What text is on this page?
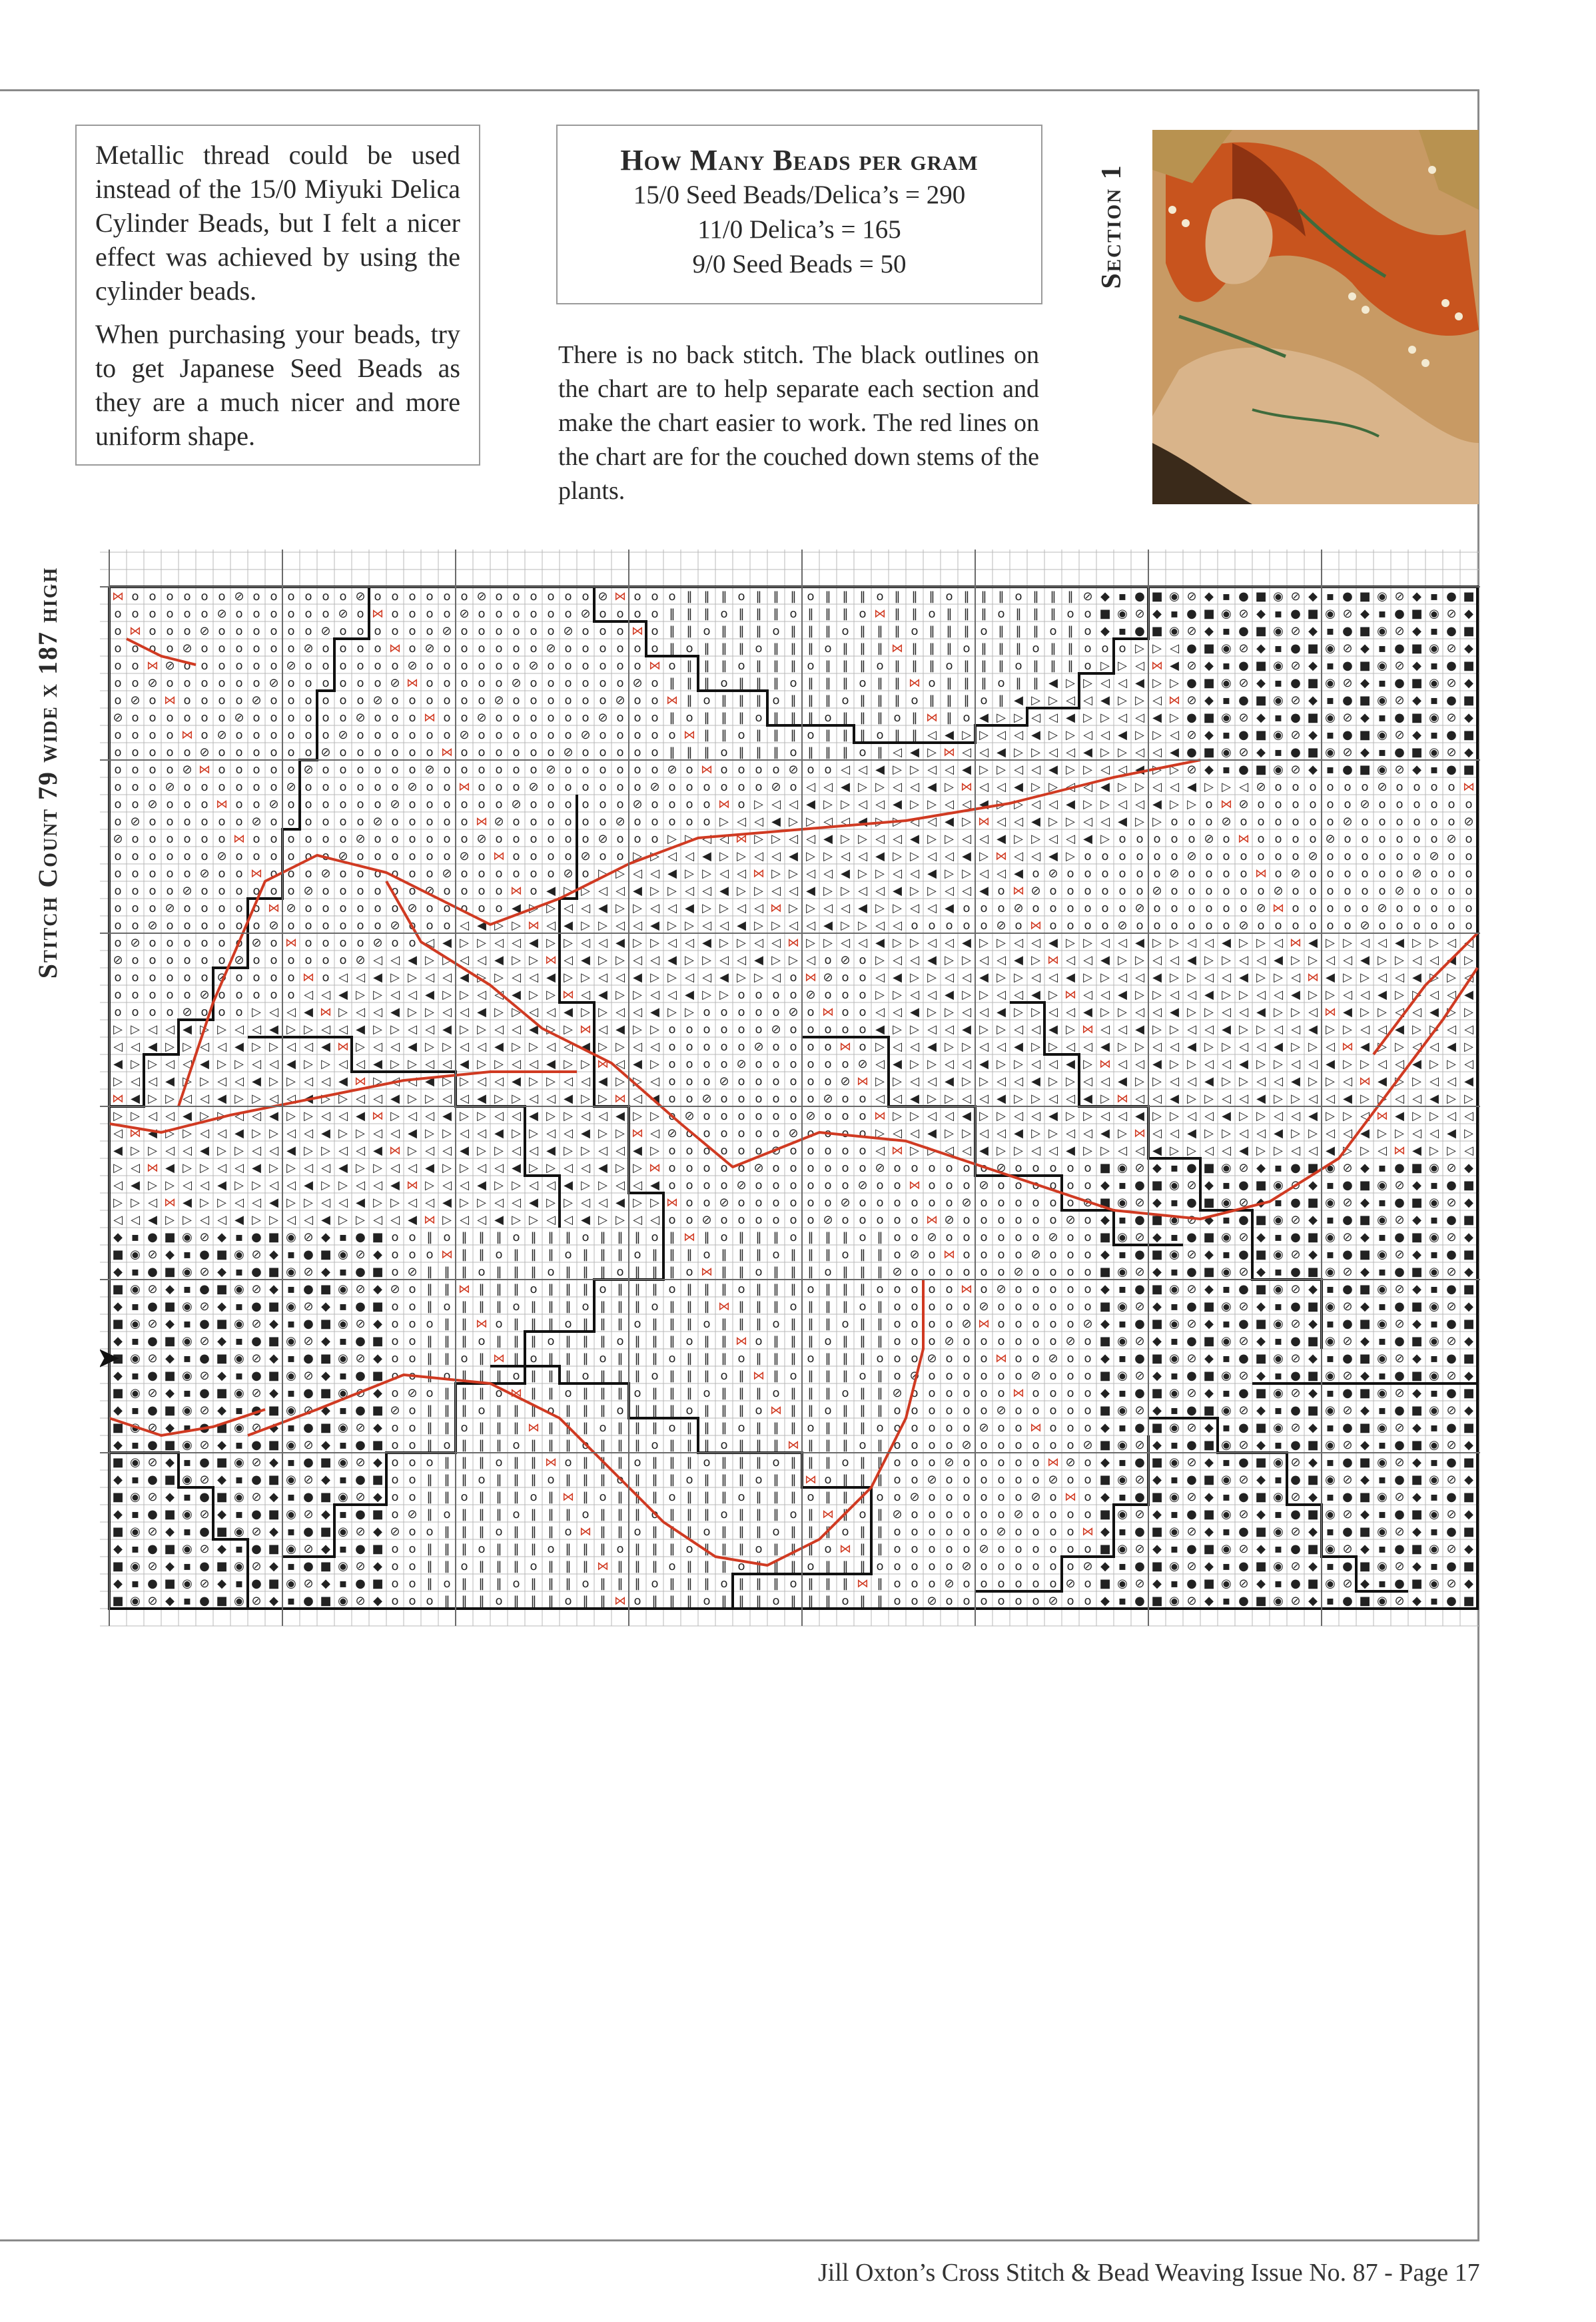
Metallic thread could be used instead of the 15/0 Miyuki Delica Cylinder Beads, but I felt a nicer effect was achieved by using the cylinder beads.

When purchasing your beads, try to get Japanese Seed Beads as they are a much nicer and more uniform shape.

How Many Beads per gram
15/0 Seed Beads/Delica’s = 290
11/0 Delica’s = 165
9/0 Seed Beads = 50
There is no back stitch. The black outlines on the chart are to help separate each section and make the chart easier to work. The red lines on the chart are for the couched down stems of the plants.
Section 1
Stitch Count 79 wide x 187 high	⋈ o o o o o o ⊘ o o o o o o ⊘ o o o o o o ⊘ o o o o o o ⊘ ⋈ o o o ‖ ‖ ‖ o ‖ ‖ ‖ o ‖ ‖ ‖ o ‖ ‖ ‖ o ‖ ‖ ‖ o ‖ ‖ ‖ ⊘ ◆ ▪ ● ■ ◉ ⊘ ◆ ▪ ● ■ ◉ ⊘ ◆ ▪ ● ■ ◉ ⊘ ◆ ▪ ● ■
o o o o o o ⊘ o o o o o o ⊘ o ⋈ o o o o ⊘ o o o o o o ⊘ o o o o ‖ ‖ ‖ o ‖ ‖ ‖ o ‖ ‖ ‖ o ⋈ ‖ ‖ o ‖ ‖ ‖ o ‖ ‖ ‖ o o ■ ◉ ⊘ ◆ ▪ ● ■ ◉ ⊘ ◆ ▪ ● ■ ◉ ⊘ ◆ ▪ ● ■ ◉ ⊘ ◆
o ⋈ o o o ⊘ o o o o o o ⊘ o o o o o o ⊘ o o o o o o ⊘ o o o ⋈ o ‖ ‖ o ‖ ‖ ‖ o ‖ ‖ ‖ o ‖ ‖ ‖ o ‖ ‖ ‖ o ‖ ‖ ‖ o ‖ o ◆ ▪ ● ■ ◉ ⊘ ◆ ▪ ● ■ ◉ ⊘ ◆ ▪ ● ■ ◉ ⊘ ◆ ▪ ● ■
o o o o ⊘ o o o o o o ⊘ o o o o ⋈ o ⊘ o o o o o o ⊘ o o o o o o ‖ o ‖ ‖ ‖ o ‖ ‖ ‖ o ‖ ‖ ‖ ⋈ ‖ ‖ ‖ o ‖ ‖ ‖ o ‖ ‖ o o o ▷ ▷ ◁ ● ■ ◉ ⊘ ◆ ▪ ● ■ ◉ ⊘ ◆ ▪ ● ■ ◉ ⊘ ◆
o o ⋈ ⊘ o o o o o o ⊘ o o o o o o ⊘ o o o o o o ⊘ o o o o o o ⋈ o ‖ ‖ ‖ o ‖ ‖ ‖ o ‖ ‖ ‖ o ‖ ‖ ‖ o ‖ ‖ ‖ o ‖ ‖ ‖ o ▷ ▷ ◁ ⋈ ◀ ⊘ ◆ ▪ ● ■ ◉ ⊘ ◆ ▪ ● ■ ◉ ⊘ ◆ ▪ ● ■
o o ⊘ o o o o o o ⊘ o o o o o o ⊘ ⋈ o o o o o ⊘ o o o o o o ⊘ o ‖ ‖ ‖ o ‖ ‖ ‖ o ‖ ‖ ‖ o ‖ ‖ ⋈ o ‖ ‖ ‖ o ‖ ‖ ◀ ▷ ▷ ◁ ◁ ◀ ▷ ▷ ● ■ ◉ ⊘ ◆ ▪ ● ■ ◉ ⊘ ◆ ▪ ● ■ ◉ ⊘ ◆
o ⊘ o ⋈ o o o o ⊘ o o o o o o ⊘ o o o o o o ⊘ o o o o o o ⊘ o o ⋈ ‖ o ‖ ‖ ‖ o ‖ ‖ ‖ o ‖ ‖ ‖ o ‖ ‖ ‖ o ‖ ◀ ▷ ▷ ◁ ◁ ◀ ▷ ▷ ◁ ⋈ ⊘ ◆ ▪ ● ■ ◉ ⊘ ◆ ▪ ● ■ ◉ ⊘ ◆ ▪ ● ■
⊘ o o o o o o ⊘ o o o o o o ⊘ o o o ⋈ o o ⊘ o o o o o o ⊘ o o o ‖ o ‖ ‖ ‖ o ‖ ‖ ‖ o ‖ ‖ ‖ o ‖ ⋈ ‖ o ◀ ▷ ▷ ◁ ◁ ◀ ▷ ▷ ◁ ◁ ◀ ▷ ● ■ ◉ ⊘ ◆ ▪ ● ■ ◉ ⊘ ◆ ▪ ● ■ ◉ ⊘ ◆
o o o o ⋈ o ⊘ o o o o o o ⊘ o o o o o o ⊘ o o o o o o ⊘ o o o o o ⋈ ‖ ‖ o ‖ ‖ ‖ o ‖ ‖ ‖ o ‖ ‖ ◁ ◀ ▷ ▷ ◁ ◁ ◀ ▷ ▷ ◁ ◁ ◀ ▷ ▷ ◁ ⊘ ◆ ▪ ● ■ ◉ ⊘ ◆ ▪ ● ■ ◉ ⊘ ◆ ▪ ● ■
o o o o o ⊘ o o o o o o ⊘ o o o o o o ⋈ o o o o o o ⊘ o o o o o ‖ ‖ ‖ o ‖ ‖ ‖ o ‖ ‖ ‖ o ‖ ◁ ◀ ▷ ⋈ ◁ ◁ ◀ ▷ ▷ ◁ ◁ ◀ ▷ ▷ ◁ ◁ ◀ ● ■ ◉ ⊘ ◆ ▪ ● ■ ◉ ⊘ ◆ ▪ ● ■ ◉ ⊘ ◆
o o o o ⊘ ⋈ o o o o o ⊘ o o o o o o ⊘ o o o o o o ⊘ o o o o o o ⊘ o ⋈ o o o o ⊘ o o ◁ ◁ ◀ ▷ ▷ ◁ ◁ ◀ ▷ ▷ ◁ ◁ ◀ ▷ ▷ ◁ ◁ ◀ ▷ ▷ ⊘ ◆ ▪ ● ■ ◉ ⊘ ◆ ▪ ● ■ ◉ ⊘ ◆ ▪ ● ■
o o o ⊘ o o o o o o ⊘ o o o o o o ⊘ o o ⋈ o o o ⊘ o o o o o o ⊘ o o o o o o ⊘ o ◁ ◁ ◀ ▷ ▷ ◁ ◁ ◀ ▷ ⋈ ◁ ◁ ◀ ▷ ▷ ◁ ◁ ◀ ▷ ▷ ◁ ◁ ◀ ▷ ▷ ◁ ⊘ o o o o o o ⊘ o o o o ⋈
o o ⊘ o o o ⋈ o o ⊘ o o o o o o ⊘ o o o o o o ⊘ o o o o o o ⊘ o o o o ⋈ o ▷ ◁ ◁ ◀ ▷ ▷ ◁ ◁ ◀ ▷ ▷ ◁ ◁ ◀ ▷ ▷ ◁ ◁ ◀ ▷ ▷ ◁ ◁ ◀ ▷ ▷ o ⋈ ⊘ o o o o o o ⊘ o o o o o o
o ⊘ o o o o o o ⊘ o o o o o o ⊘ o o o o o ⋈ ⊘ o o o o o o ⊘ o o o o o ▷ ◁ ◁ ◀ ▷ ▷ ◁ ◁ ◀ ▷ ▷ ◁ ◁ ◀ ▷ ⋈ ◁ ◁ ◀ ▷ ▷ ◁ ◁ ◀ ▷ ▷ o o o ⊘ o o o o o o ⊘ o o o o o o ⊘
⊘ o o o o o o ⋈ o o o o o o ⊘ o o o o o o ⊘ o o o o o o ⊘ o o o ▷ ▷ ◁ ◁ ⋈ ▷ ▷ ◁ ◁ ◀ ▷ ▷ ◁ ◁ ◀ ▷ ▷ ◁ ◁ ◀ ▷ ▷ ◁ ◁ ◀ ▷ o o o o o ⊘ o ⋈ o o o o ⊘ o o o o o o ⊘ o
o o o o o o ⊘ o o o o o o ⊘ o o o o o o ⊘ o ⋈ o o o o ⊘ o o ▷ ▷ ◁ ◁ ◀ ▷ ▷ ◁ ◁ ◀ ▷ ▷ ◁ ◁ ◀ ▷ ▷ ◁ ◁ ◀ ▷ ⋈ ◁ ◁ ◀ ▷ o o o o o o ⊘ o o o o o o ⊘ o o o o o o ⊘ o o
o o o o o ⊘ o o ⋈ o o o ⊘ o o o o o o ⊘ o o o o o o ⊘ o ▷ ▷ ◁ ◁ ◀ ▷ ▷ ◁ ◁ ⋈ ▷ ▷ ◁ ◁ ◀ ▷ ▷ ◁ ◁ ◀ ▷ ▷ ◁ ◁ ◀ o ⊘ o o o o o o ⊘ o o o o ⋈ o ⊘ o o o o o o ⊘ o o o
o o o o ⊘ o o o o o o ⊘ o o o o o o ⊘ o o o o ⋈ o ◀ ▷ ▷ ◁ ◁ ◀ ▷ ▷ ◁ ◁ ◀ ▷ ▷ ◁ ◁ ◀ ▷ ▷ ◁ ◁ ◀ ▷ ▷ ◁ ◁ ◀ o ⋈ ⊘ o o o o o o ⊘ o o o o o o ⊘ o o o o o o ⊘ o o o o
o o o ⊘ o o o o o ⋈ ⊘ o o o o o o ⊘ o o o o o ◀ ▷ ▷ ◁ ◁ ◀ ▷ ▷ ◁ ◁ ◀ ▷ ▷ ◁ ◁ ⋈ ▷ ▷ ◁ ◁ ◀ ▷ ▷ ◁ ◁ ◀ o o o ⊘ o o o o o o ⊘ o o o o o o ⊘ ⋈ o o o o o ⊘ o o o o o
o o ⊘ o o o o o o ⊘ o o o o o o ⊘ o o o ◁ ◀ ▷ ▷ ⋈ ◁ ◀ ▷ ▷ ◁ ◁ ◀ ▷ ▷ ◁ ◁ ◀ ▷ ▷ ◁ ◁ ◀ ▷ ▷ ◁ ◁ o o o o o ⊘ o ⋈ o o o o ⊘ o o o o o o ⊘ o o o o o o ⊘ o o o o o o
o ⊘ o o o o o o ⊘ o ⋈ o o o o ⊘ o o ◁ ◀ ▷ ▷ ◁ ◁ ◀ ▷ ▷ ◁ ◁ ◀ ▷ ▷ ◁ ◁ ◀ ▷ ▷ ◁ ◁ ⋈ ▷ ▷ ◁ ◁ ◀ ▷ ▷ ◁ ◁ ◀ ▷ ▷ ◁ ◁ ◀ ▷ ▷ ◁ ◁ ◀ ▷ ▷ ◁ ◁ ◀ ▷ ▷ ◁ ⋈ ◀ ▷ ▷ ◁ ◁ ◀ ▷ ▷ ◁ ◁
⊘ o o o o o o ⊘ o o o o o o ⊘ ◁ ◁ ◀ ▷ ▷ ◁ ◁ ◀ ▷ ▷ ⋈ ◁ ◀ ▷ ▷ ◁ ◁ ◀ ▷ ▷ ◁ ◁ ◀ ▷ ▷ ◁ o ⊘ o ▷ ◁ ◁ ◀ ▷ ▷ ◁ ◁ ◀ ▷ ⋈ ◁ ◁ ◀ ▷ ▷ ◁ ◁ ◀ ▷ ▷ ◁ ◁ ◀ ▷ ▷ ◁ ◁ ◀ ▷ ▷ ◁ ◁ ◀ ▷
o o o o o o ⊘ o o o o ⋈ o ◁ ◁ ◀ ▷ ▷ ◁ ◁ ◀ ▷ ▷ ◁ ◁ ◀ ▷ ▷ ◁ ◁ ◀ ▷ ▷ ◁ ◁ ◀ ▷ ▷ ◁ o ⋈ ⊘ o o ◁ ◀ ▷ ▷ ◁ ◁ ◀ ▷ ▷ ◁ ◁ ◀ ▷ ▷ ◁ ◁ ◀ ▷ ▷ ◁ ◁ ◀ ▷ ▷ ◁ ⋈ ◀ ▷ ▷ ◁ ◁ ◀ ▷ ▷ ◁
o o o o o ⊘ o o o o o ◁ ◁ ◀ ▷ ▷ ◁ ◁ ◀ ▷ ▷ ◁ ◁ ◀ ▷ ▷ ⋈ ◁ ◀ ▷ ▷ ◁ ◁ ◀ ▷ ▷ o o o o ⊘ o o o ▷ ▷ ◁ ◁ ◀ ▷ ▷ ◁ ◁ ◀ ▷ ⋈ ◁ ◁ ◀ ▷ ▷ ◁ ◁ ◀ ▷ ▷ ◁ ◁ ◀ ▷ ▷ ◁ ◁ ◀ ▷ ▷ ◁ ◁ ◀
o o o o ⊘ o o o ▷ ◁ ◁ ◀ ⋈ ▷ ◁ ◁ ◀ ▷ ▷ ◁ ◁ ◀ ▷ ▷ ◁ ◁ ◀ ▷ ▷ ◁ ◁ ◀ ▷ ▷ o o o o o ⊘ o ⋈ o o ◁ ◁ ◀ ▷ ▷ ◁ ◁ ◀ ▷ ▷ ◁ ◁ ◀ ▷ ▷ ◁ ◁ ◀ ▷ ▷ ◁ ◁ ◀ ▷ ▷ ◁ ⋈ ◀ ▷ ▷ ◁ ◁ ◀ ▷ ▷
▷ ▷ ◁ ◁ ◀ ▷ ▷ ◁ ◁ ◀ ▷ ▷ ◁ ◁ ◀ ▷ ▷ ◁ ◁ ◀ ▷ ▷ ◁ ◁ ◀ ▷ ▷ ⋈ ◁ ◀ ▷ ▷ o o o o o o ⊘ o o o o o ◀ ▷ ▷ ◁ ◁ ◀ ▷ ▷ ◁ ◁ ◀ ▷ ⋈ ◁ ◁ ◀ ▷ ▷ ◁ ◁ ◀ ▷ ▷ ◁ ◁ ◀ ▷ ▷ ◁ ◁ ◀ ▷ ▷ ◁ ◁
◁ ◁ ◀ ▷ ▷ ◁ ◁ ◀ ▷ ▷ ◁ ◁ ◀ ⋈ ▷ ◁ ◁ ◀ ▷ ▷ ◁ ◁ ◀ ▷ ▷ ◁ ◁ ◀ ▷ ▷ ◁ ◁ o o o o o ⊘ o o o o ⋈ o ▷ ◁ ◁ ◀ ▷ ▷ ◁ ◁ ◀ ▷ ▷ ◁ ◁ ◀ ▷ ▷ ◁ ◁ ◀ ▷ ▷ ◁ ◁ ◀ ▷ ▷ ◁ ⋈ ◀ ▷ ▷ ◁ ◁ ◀ ▷
◀ ▷ ▷ ◁ ◁ ◀ ▷ ▷ ◁ ◁ ◀ ▷ ▷ ◁ ◁ ◀ ▷ ▷ ◁ ◁ ◀ ▷ ▷ ◁ ◁ ◀ ▷ ▷ ⋈ ◁ ◀ ▷ o o o o ⊘ o o o o o o ⊘ ◁ ◀ ▷ ▷ ◁ ◁ ◀ ▷ ▷ ◁ ◁ ◀ ▷ ⋈ ◁ ◁ ◀ ▷ ▷ ◁ ◁ ◀ ▷ ▷ ◁ ◁ ◀ ▷ ▷ ◁ ◁ ◀ ▷ ▷ ◁
▷ ◁ ◁ ◀ ▷ ▷ ◁ ◁ ◀ ▷ ▷ ◁ ◁ ◀ ⋈ ▷ ◁ ◁ ◀ ▷ ▷ ◁ ◁ ◀ ▷ ▷ ◁ ◁ ◀ ▷ ▷ ◁ o o o ⊘ o o o o o o ⊘ ⋈ ▷ ▷ ◁ ◁ ◀ ▷ ▷ ◁ ◁ ◀ ▷ ▷ ◁ ◁ ◀ ▷ ▷ ◁ ◁ ◀ ▷ ▷ ◁ ◁ ◀ ▷ ▷ ◁ ⋈ ◀ ▷ ▷ ◁ ◁ ◀
⋈ ◀ ▷ ▷ ◁ ◁ ◀ ▷ ▷ ◁ ◁ ◀ ▷ ▷ ◁ ◁ ◀ ▷ ▷ ◁ ◁ ◀ ▷ ▷ ◁ ◁ ◀ ▷ ▷ ⋈ ◁ ◀ o o ⊘ o o o o o o ⊘ o o ◁ ◁ ◀ ▷ ▷ ◁ ◁ ◀ ▷ ▷ ◁ ◁ ◀ ▷ ⋈ ◁ ◁ ◀ ▷ ▷ ◁ ◁ ◀ ▷ ▷ ◁ ◁ ◀ ▷ ▷ ◁ ◁ ◀ ▷ ▷
▷ ▷ ◁ ◁ ◀ ▷ ▷ ◁ ◁ ◀ ▷ ▷ ◁ ◁ ◀ ⋈ ▷ ◁ ◁ ◀ ▷ ▷ ◁ ◁ ◀ ▷ ▷ ◁ ◁ ◀ ▷ ▷ o ⊘ o o o o o o ⊘ o o o ⋈ ▷ ▷ ◁ ◁ ◀ ▷ ▷ ◁ ◁ ◀ ▷ ▷ ◁ ◁ ◀ ▷ ▷ ◁ ◁ ◀ ▷ ▷ ◁ ◁ ◀ ▷ ▷ ◁ ⋈ ◀ ▷ ▷ ◁ ◁
◁ ⋈ ◀ ▷ ▷ ◁ ◁ ◀ ▷ ▷ ◁ ◁ ◀ ▷ ▷ ◁ ◁ ◀ ▷ ▷ ◁ ◁ ◀ ▷ ▷ ◁ ◁ ◀ ▷ ▷ ⋈ ◁ ⊘ o o o o o o ⊘ o o o o ▷ ◁ ◁ ◀ ▷ ▷ ◁ ◁ ◀ ▷ ▷ ◁ ◁ ◀ ▷ ⋈ ◁ ◁ ◀ ▷ ▷ ◁ ◁ ◀ ▷ ▷ ◁ ◁ ◀ ▷ ▷ ◁ ◁ ◀ ▷
◀ ▷ ▷ ◁ ◁ ◀ ▷ ▷ ◁ ◁ ◀ ▷ ▷ ◁ ◁ ◀ ⋈ ▷ ◁ ◁ ◀ ▷ ▷ ◁ ◁ ◀ ▷ ▷ ◁ ◁ ◀ ▷ o o o o o o ⊘ o o o o o ◁ ⋈ ▷ ▷ ◁ ◁ ◀ ▷ ▷ ◁ ◁ ◀ ▷ ▷ ◁ ◁ ◀ ▷ ▷ ◁ ◁ ◀ ▷ ▷ ◁ ◁ ◀ ▷ ▷ ◁ ⋈ ◀ ▷ ▷ ◁
▷ ◁ ⋈ ◀ ▷ ▷ ◁ ◁ ◀ ▷ ▷ ◁ ◁ ◀ ▷ ▷ ◁ ◁ ◀ ▷ ▷ ◁ ◁ ◀ ▷ ▷ ◁ ◁ ◀ ▷ ▷ ⋈ o o o o o ⊘ o o o o o o ⊘ o o o o o o ⊘ o o o o o ■ ◉ ⊘ ◆ ▪ ● ■ ◉ ⊘ ◆ ▪ ● ■ ◉ ⊘ ◆ ▪ ● ■ ◉ ⊘ ◆
◁ ◀ ▷ ▷ ◁ ◁ ◀ ▷ ▷ ◁ ◁ ◀ ▷ ▷ ◁ ◁ ◀ ⋈ ▷ ◁ ◁ ◀ ▷ ▷ ◁ ◁ ◀ ▷ ▷ ◁ ◁ ◀ o o o o ⊘ o o o o o o ⊘ o o ⋈ o o o ⊘ o o o o o o ◆ ▪ ● ■ ◉ ⊘ ◆ ▪ ● ■ ◉ ⊘ ◆ ▪ ● ■ ◉ ⊘ ◆ ▪ ● ■
▷ ▷ ◁ ⋈ ◀ ▷ ▷ ◁ ◁ ◀ ▷ ▷ ◁ ◁ ◀ ▷ ▷ ◁ ◁ ◀ ▷ ▷ ◁ ◁ ◀ ▷ ▷ ◁ ◁ ◀ ▷ ▷ ⋈ o o ⊘ o o o o o o ⊘ o o o o o o ⊘ o o o o o o ⊘ ■ ◉ ⊘ ◆ ▪ ● ■ ◉ ⊘ ◆ ▪ ● ■ ◉ ⊘ ◆ ▪ ● ■ ◉ ⊘ ◆
◁ ◁ ◀ ▷ ▷ ◁ ◁ ◀ ▷ ▷ ◁ ◁ ◀ ▷ ▷ ◁ ◁ ◀ ⋈ ▷ ◁ ◁ ◀ ▷ ▷ ◁ ◁ ◀ ▷ ▷ ◁ ◁ o o ⊘ o o o o o o ⊘ o o o o o ⋈ ⊘ o o o o o o ⊘ o ◆ ▪ ● ■ ◉ ⊘ ◆ ▪ ● ■ ◉ ⊘ ◆ ▪ ● ■ ◉ ⊘ ◆ ▪ ● ■
◆ ▪ ● ■ ◉ ⊘ ◆ ▪ ● ■ ◉ ⊘ ◆ ▪ ● ■ o o ‖ o ‖ ‖ ‖ o ‖ ‖ ‖ o ‖ ‖ ‖ o ‖ ⋈ ‖ o ‖ ‖ ‖ o ‖ ‖ ‖ o ‖ o o ⊘ o o o o o o ⊘ o o ■ ◉ ⊘ ◆ ▪ ● ■ ◉ ⊘ ◆ ▪ ● ■ ◉ ⊘ ◆ ▪ ● ■ ◉ ⊘ ◆
■ ◉ ⊘ ◆ ▪ ● ■ ◉ ⊘ ◆ ▪ ● ■ ◉ ⊘ ◆ o o o ⋈ ‖ ‖ o ‖ ‖ ‖ o ‖ ‖ ‖ o ‖ ‖ ‖ o ‖ ‖ ‖ o ‖ ‖ ‖ o ‖ ‖ o ⊘ o ⋈ o o o o ⊘ o o o ◆ ▪ ● ■ ◉ ⊘ ◆ ▪ ● ■ ◉ ⊘ ◆ ▪ ● ■ ◉ ⊘ ◆ ▪ ● ■
◆ ▪ ● ■ ◉ ⊘ ◆ ▪ ● ■ ◉ ⊘ ◆ ▪ ● ■ o ⊘ ‖ ‖ ‖ o ‖ ‖ ‖ o ‖ ‖ ‖ o ‖ ‖ ‖ o ⋈ ‖ ‖ o ‖ ‖ ‖ o ‖ ‖ ‖ ⊘ o o o o o o ⊘ o o o o ■ ◉ ⊘ ◆ ▪ ● ■ ◉ ⊘ ◆ ▪ ● ■ ◉ ⊘ ◆ ▪ ● ■ ◉ ⊘ ◆
■ ◉ ⊘ ◆ ▪ ● ■ ◉ ⊘ ◆ ▪ ● ■ ◉ ⊘ ◆ ⊘ o ‖ ‖ ⋈ ‖ ‖ ‖ o ‖ ‖ ‖ o ‖ ‖ ‖ o ‖ ‖ ‖ o ‖ ‖ ‖ o ‖ ‖ ‖ o o o o o ⋈ o ⊘ o o o o o ◆ ▪ ● ■ ◉ ⊘ ◆ ▪ ● ■ ◉ ⊘ ◆ ▪ ● ■ ◉ ⊘ ◆ ▪ ● ■
◆ ▪ ● ■ ◉ ⊘ ◆ ▪ ● ■ ◉ ⊘ ◆ ▪ ● ■ o o ‖ o ‖ ‖ ‖ o ‖ ‖ ‖ o ‖ ‖ ‖ o ‖ ‖ ‖ ⋈ ‖ ‖ ‖ o ‖ ‖ ‖ o ‖ o o o o o ⊘ o o o o o o ■ ◉ ⊘ ◆ ▪ ● ■ ◉ ⊘ ◆ ▪ ● ■ ◉ ⊘ ◆ ▪ ● ■ ◉ ⊘ ◆
■ ◉ ⊘ ◆ ▪ ● ■ ◉ ⊘ ◆ ▪ ● ■ ◉ ⊘ ◆ o o o ‖ ‖ ⋈ o ‖ ‖ ‖ o ‖ ‖ ‖ o ‖ ‖ ‖ o ‖ ‖ ‖ o ‖ ‖ ‖ o ‖ ‖ o o o o ⊘ ⋈ o o o o o ⊘ ◆ ▪ ● ■ ◉ ⊘ ◆ ▪ ● ■ ◉ ⊘ ◆ ▪ ● ■ ◉ ⊘ ◆ ▪ ● ■
◆ ▪ ● ■ ◉ ⊘ ◆ ▪ ● ■ ◉ ⊘ ◆ ▪ ● ■ o o ‖ ‖ ‖ o ‖ ‖ ‖ o ‖ ‖ ‖ o ‖ ‖ ‖ o ‖ ‖ ⋈ o ‖ ‖ ‖ o ‖ ‖ ‖ o o o ⊘ o o o o o o ⊘ o ■ ◉ ⊘ ◆ ▪ ● ■ ◉ ⊘ ◆ ▪ ● ■ ◉ ⊘ ◆ ▪ ● ■ ◉ ⊘ ◆
■ ◉ ⊘ ◆ ▪ ● ■ ◉ ⊘ ◆ ▪ ● ■ ◉ ⊘ ◆ o o ‖ ‖ o ‖ ⋈ ‖ o ‖ ‖ ‖ o ‖ ‖ ‖ o ‖ ‖ ‖ o ‖ ‖ ‖ o ‖ ‖ ‖ o o o ⊘ o o o ⋈ o o ⊘ o o ◆ ▪ ● ■ ◉ ⊘ ◆ ▪ ● ■ ◉ ⊘ ◆ ▪ ● ■ ◉ ⊘ ◆ ▪ ● ■
◆ ▪ ● ■ ◉ ⊘ ◆ ▪ ● ■ ◉ ⊘ ◆ ▪ ● ■ o o ‖ o ‖ ‖ ‖ o ‖ ‖ ‖ o ‖ ‖ ‖ o ‖ ‖ ‖ o ‖ ⋈ ‖ o ‖ ‖ ‖ o ‖ o ⊘ o o o o o o ⊘ o o o ■ ◉ ⊘ ◆ ▪ ● ■ ◉ ⊘ ◆ ▪ ● ■ ◉ ⊘ ◆ ▪ ● ■ ◉ ⊘ ◆
■ ◉ ⊘ ◆ ▪ ● ■ ◉ ⊘ ◆ ▪ ● ■ ◉ ⊘ ◆ o ⊘ o ‖ ‖ ‖ o ⋈ ‖ ‖ o ‖ ‖ ‖ o ‖ ‖ ‖ o ‖ ‖ ‖ o ‖ ‖ ‖ o ‖ ‖ ⊘ o o o o o o ⋈ o o o o ◆ ▪ ● ■ ◉ ⊘ ◆ ▪ ● ■ ◉ ⊘ ◆ ▪ ● ■ ◉ ⊘ ◆ ▪ ● ■
◆ ▪ ● ■ ◉ ⊘ ◆ ▪ ● ■ ◉ ⊘ ◆ ▪ ● ■ ⊘ o ‖ ‖ ‖ o ‖ ‖ ‖ o ‖ ‖ ‖ o ‖ ‖ ‖ o ‖ ‖ ‖ o ⋈ ‖ ‖ o ‖ ‖ ‖ o o o o o o ⊘ o o o o o ■ ◉ ⊘ ◆ ▪ ● ■ ◉ ⊘ ◆ ▪ ● ■ ◉ ⊘ ◆ ▪ ● ■ ◉ ⊘ ◆
■ ◉ ⊘ ◆ ▪ ● ■ ◉ ⊘ ◆ ▪ ● ■ ◉ ⊘ ◆ o o ‖ ‖ o ‖ ‖ ‖ ⋈ ‖ ‖ ‖ o ‖ ‖ ‖ o ‖ ‖ ‖ o ‖ ‖ ‖ o ‖ ‖ ‖ o o o o o o ⊘ o o ⋈ o o o ◆ ▪ ● ■ ◉ ⊘ ◆ ▪ ● ■ ◉ ⊘ ◆ ▪ ● ■ ◉ ⊘ ◆ ▪ ● ■
◆ ▪ ● ■ ◉ ⊘ ◆ ▪ ● ■ ◉ ⊘ ◆ ▪ ● ■ o o ‖ o ‖ ‖ ‖ o ‖ ‖ ‖ o ‖ ‖ ‖ o ‖ ‖ ‖ o ‖ ‖ ‖ ⋈ ‖ ‖ ‖ o ‖ o o o o ⊘ o o o o o o ⊘ ■ ◉ ⊘ ◆ ▪ ● ■ ◉ ⊘ ◆ ▪ ● ■ ◉ ⊘ ◆ ▪ ● ■ ◉ ⊘ ◆
■ ◉ ⊘ ◆ ▪ ● ■ ◉ ⊘ ◆ ▪ ● ■ ◉ ⊘ ◆ o o o ‖ ‖ ‖ o ‖ ‖ ⋈ o ‖ ‖ ‖ o ‖ ‖ ‖ o ‖ ‖ ‖ o ‖ ‖ ‖ o ‖ ‖ o o o ⊘ o o o o o ⋈ ⊘ o ◆ ▪ ● ■ ◉ ⊘ ◆ ▪ ● ■ ◉ ⊘ ◆ ▪ ● ■ ◉ ⊘ ◆ ▪ ● ■
◆ ▪ ● ■ ◉ ⊘ ◆ ▪ ● ■ ◉ ⊘ ◆ ▪ ● ■ o o ‖ ‖ ‖ o ‖ ‖ ‖ o ‖ ‖ ‖ o ‖ ‖ ‖ o ‖ ‖ ‖ o ‖ ‖ ⋈ o ‖ ‖ ‖ o o ⊘ o o o o o o ⊘ o o ■ ◉ ⊘ ◆ ▪ ● ■ ◉ ⊘ ◆ ▪ ● ■ ◉ ⊘ ◆ ▪ ● ■ ◉ ⊘ ◆
■ ◉ ⊘ ◆ ▪ ● ■ ◉ ⊘ ◆ ▪ ● ■ ◉ ⊘ ◆ o o ‖ ‖ o ‖ ‖ ‖ o ‖ ⋈ ‖ o ‖ ‖ ‖ o ‖ ‖ ‖ o ‖ ‖ ‖ o ‖ ‖ ‖ o o ⊘ o o o o o o ⊘ o ⋈ o ◆ ▪ ● ■ ◉ ⊘ ◆ ▪ ● ■ ◉ ⊘ ◆ ▪ ● ■ ◉ ⊘ ◆ ▪ ● ■
◆ ▪ ● ■ ◉ ⊘ ◆ ▪ ● ■ ◉ ⊘ ◆ ▪ ● ■ o ⊘ ‖ o ‖ ‖ ‖ o ‖ ‖ ‖ o ‖ ‖ ‖ o ‖ ‖ ‖ o ‖ ‖ ‖ o ‖ ⋈ ‖ o ‖ ⊘ o o o o o o ⊘ o o o o ■ ◉ ⊘ ◆ ▪ ● ■ ◉ ⊘ ◆ ▪ ● ■ ◉ ⊘ ◆ ▪ ● ■ ◉ ⊘ ◆
■ ◉ ⊘ ◆ ▪ ● ■ ◉ ⊘ ◆ ▪ ● ■ ◉ ⊘ ◆ ⊘ o o ‖ ‖ ‖ o ‖ ‖ ‖ o ⋈ ‖ ‖ o ‖ ‖ ‖ o ‖ ‖ ‖ o ‖ ‖ ‖ o ‖ ‖ o o o o o o ⊘ o o o o ⋈ ◆ ▪ ● ■ ◉ ⊘ ◆ ▪ ● ■ ◉ ⊘ ◆ ▪ ● ■ ◉ ⊘ ◆ ▪ ● ■
◆ ▪ ● ■ ◉ ⊘ ◆ ▪ ● ■ ◉ ⊘ ◆ ▪ ● ■ o o ‖ ‖ ‖ o ‖ ‖ ‖ o ‖ ‖ ‖ o ‖ ‖ ‖ o ‖ ‖ ‖ o ‖ ‖ ‖ o ⋈ ‖ ‖ o o o o o ⊘ o o o o o o ■ ◉ ⊘ ◆ ▪ ● ■ ◉ ⊘ ◆ ▪ ● ■ ◉ ⊘ ◆ ▪ ● ■ ◉ ⊘ ◆
■ ◉ ⊘ ◆ ▪ ● ■ ◉ ⊘ ◆ ▪ ● ■ ◉ ⊘ ◆ o o ‖ ‖ o ‖ ‖ ‖ o ‖ ‖ ‖ ⋈ ‖ ‖ ‖ o ‖ ‖ ‖ o ‖ ‖ ‖ o ‖ ‖ ‖ o o o o o ⊘ o o o o o o ⊘ ◆ ▪ ● ■ ◉ ⊘ ◆ ▪ ● ■ ◉ ⊘ ◆ ▪ ● ■ ◉ ⊘ ◆ ▪ ● ■
◆ ▪ ● ■ ◉ ⊘ ◆ ▪ ● ■ ◉ ⊘ ◆ ▪ ● ■ o o ‖ o ‖ ‖ ‖ o ‖ ‖ ‖ o ‖ ‖ ‖ o ‖ ‖ ‖ o ‖ ‖ ‖ o ‖ ‖ ‖ ⋈ ‖ o o o ⊘ o o o o o o ⊘ o ■ ◉ ⊘ ◆ ▪ ● ■ ◉ ⊘ ◆ ▪ ● ■ ◉ ⊘ ◆ ▪ ● ■ ◉ ⊘ ◆
■ ◉ ⊘ ◆ ▪ ● ■ ◉ ⊘ ◆ ▪ ● ■ ◉ ⊘ ◆ o o o ‖ ‖ ‖ o ‖ ‖ ‖ o ‖ ‖ ⋈ o ‖ ‖ ‖ o ‖ ‖ ‖ o ‖ ‖ ‖ o ‖ ‖ o o ⊘ o o o o o o ⊘ o o ◆ ▪ ● ■ ◉ ⊘ ◆ ▪ ● ■ ◉ ⊘ ◆ ▪ ● ■ ◉ ⊘ ◆ ▪ ● ■
➤
Jill Oxton’s Cross Stitch & Bead Weaving Issue No. 87 - Page 17
